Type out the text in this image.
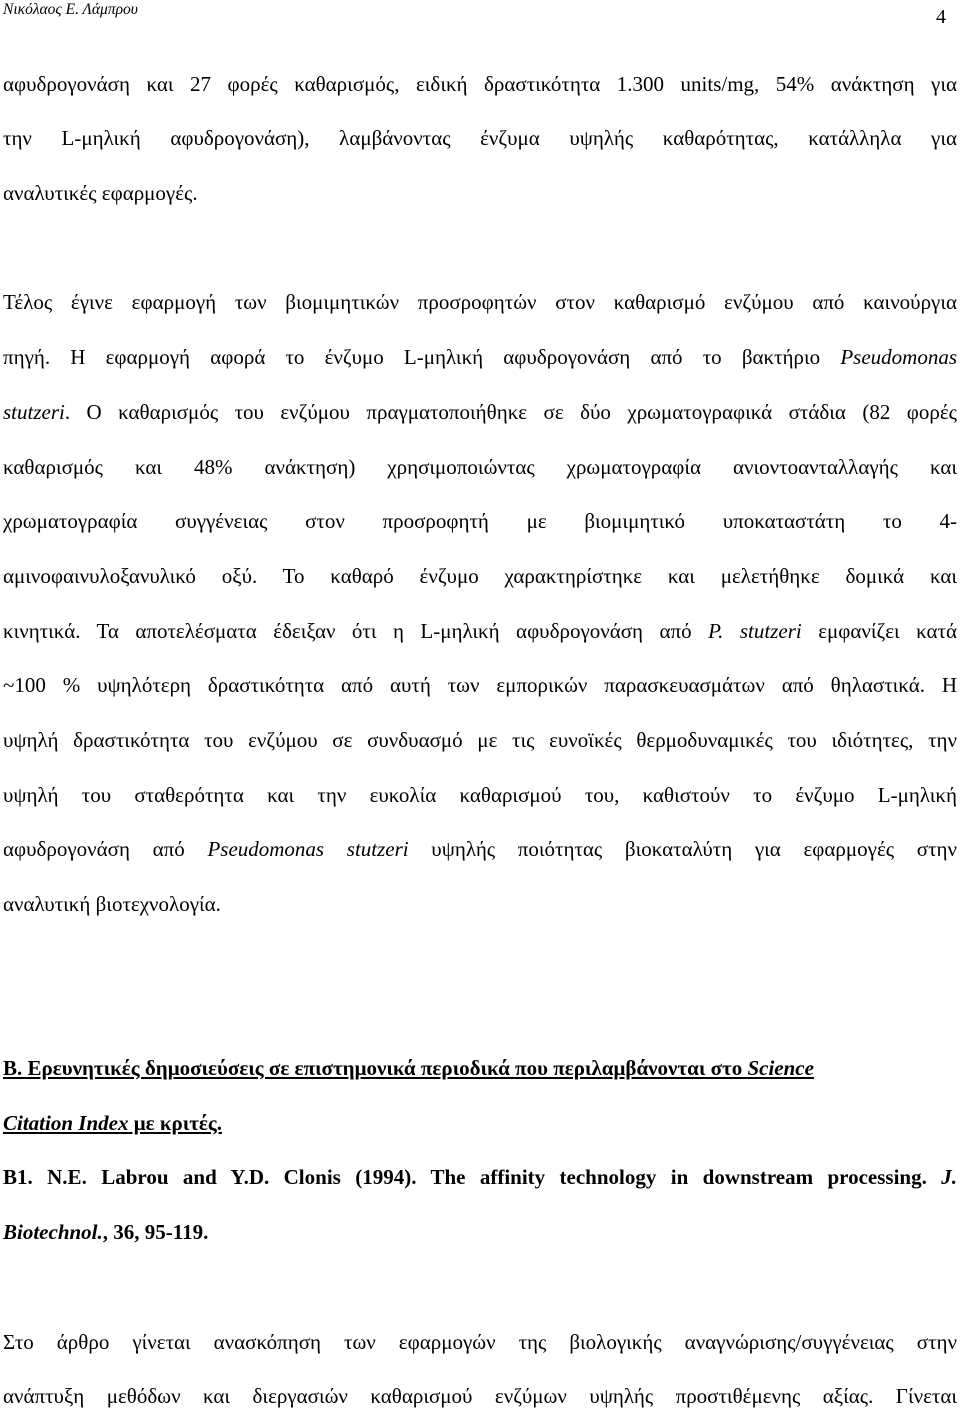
Νικόλαος Ε. Λάμπρου	4
αφυδρογονάση και 27 φορές καθαρισμός, ειδική δραστικότητα 1.300 units/mg, 54% ανάκτηση για
την L-μηλική αφυδρογονάση), λαμβάνοντας ένζυμα υψηλής καθαρότητας, κατάλληλα για
αναλυτικές εφαρμογές.
Τέλος έγινε εφαρμογή των βιομιμητικών προσροφητών στον καθαρισμό ενζύμου από καινούργια
πηγή. Η εφαρμογή αφορά το ένζυμο L-μηλική αφυδρογονάση από το βακτήριο Pseudomonas
stutzeri. Ο καθαρισμός του ενζύμου πραγματοποιήθηκε σε δύο χρωματογραφικά στάδια (82 φορές
καθαρισμός και 48% ανάκτηση) χρησιμοποιώντας χρωματογραφία ανιοντοανταλλαγής και
χρωματογραφία συγγένειας στον προσροφητή με βιομιμητικό υποκαταστάτη το 4-
αμινοφαινυλοξανυλικό οξύ. Το καθαρό ένζυμο χαρακτηρίστηκε και μελετήθηκε δομικά και
κινητικά. Τα αποτελέσματα έδειξαν ότι η L-μηλική αφυδρογονάση από P. stutzeri εμφανίζει κατά
~100 % υψηλότερη δραστικότητα από αυτή των εμπορικών παρασκευασμάτων από θηλαστικά. Η
υψηλή δραστικότητα του ενζύμου σε συνδυασμό με τις ευνοϊκές θερμοδυναμικές του ιδιότητες, την
υψηλή του σταθερότητα και την ευκολία καθαρισμού του, καθιστούν το ένζυμο L-μηλική
αφυδρογονάση από Pseudomonas stutzeri υψηλής ποιότητας βιοκαταλύτη για εφαρμογές στην
αναλυτική βιοτεχνολογία.
B. Ερευνητικές δημοσιεύσεις σε επιστημονικά περιοδικά που περιλαμβάνονται στο Science
Citation Index με κριτές.
B1. N.E. Labrou and Y.D. Clonis (1994). The affinity technology in downstream processing. J.
Biotechnol., 36, 95-119.
Στο άρθρο γίνεται ανασκόπηση των εφαρμογών της βιολογικής αναγνώρισης/συγγένειας στην
ανάπτυξη μεθόδων και διεργασιών καθαρισμού ενζύμων υψηλής προστιθέμενης αξίας. Γίνεται
